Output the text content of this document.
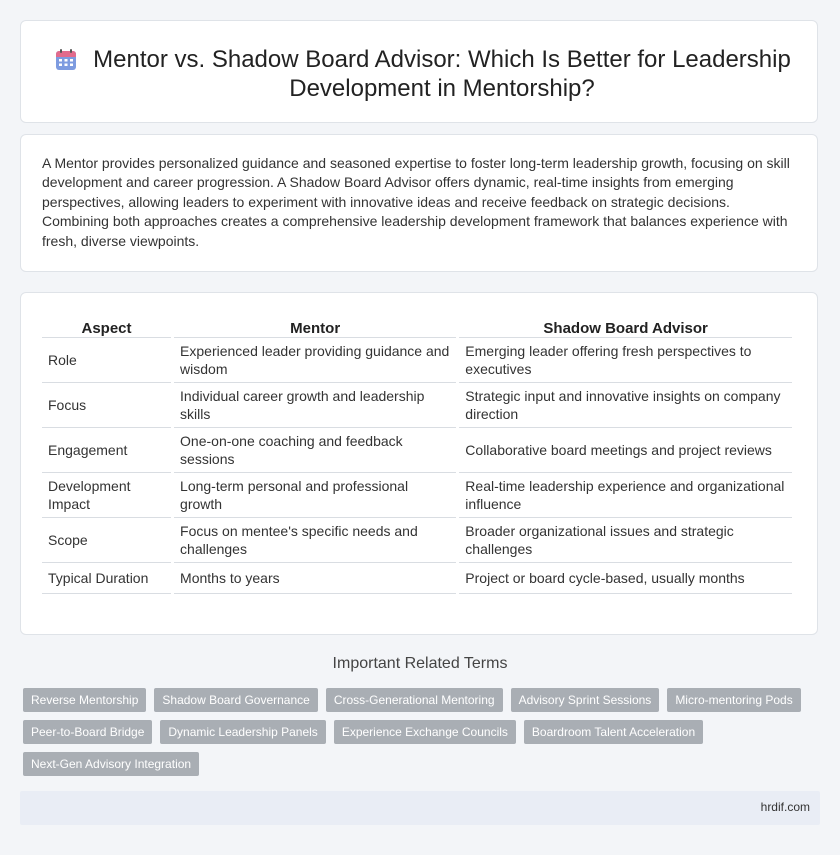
Mentor vs. Shadow Board Advisor: Which Is Better for Leadership Development in Mentorship?

A Mentor provides personalized guidance and seasoned expertise to foster long-term leadership growth, focusing on skill development and career progression. A Shadow Board Advisor offers dynamic, real-time insights from emerging perspectives, allowing leaders to experiment with innovative ideas and receive feedback on strategic decisions. Combining both approaches creates a comprehensive leadership development framework that balances experience with fresh, diverse viewpoints.

Aspect	Mentor	Shadow Board Advisor
Role	Experienced leader providing guidance and wisdom	Emerging leader offering fresh perspectives to executives
Focus	Individual career growth and leadership skills	Strategic input and innovative insights on company direction
Engagement	One-on-one coaching and feedback sessions	Collaborative board meetings and project reviews
Development Impact	Long-term personal and professional growth	Real-time leadership experience and organizational influence
Scope	Focus on mentee's specific needs and challenges	Broader organizational issues and strategic challenges
Typical Duration	Months to years	Project or board cycle-based, usually months
Important Related Terms
Reverse Mentorship	Shadow Board Governance	Cross-Generational Mentoring	Advisory Sprint Sessions	Micro-mentoring Pods
Peer-to-Board Bridge	Dynamic Leadership Panels	Experience Exchange Councils	Boardroom Talent Acceleration
Next-Gen Advisory Integration
hrdif.com
